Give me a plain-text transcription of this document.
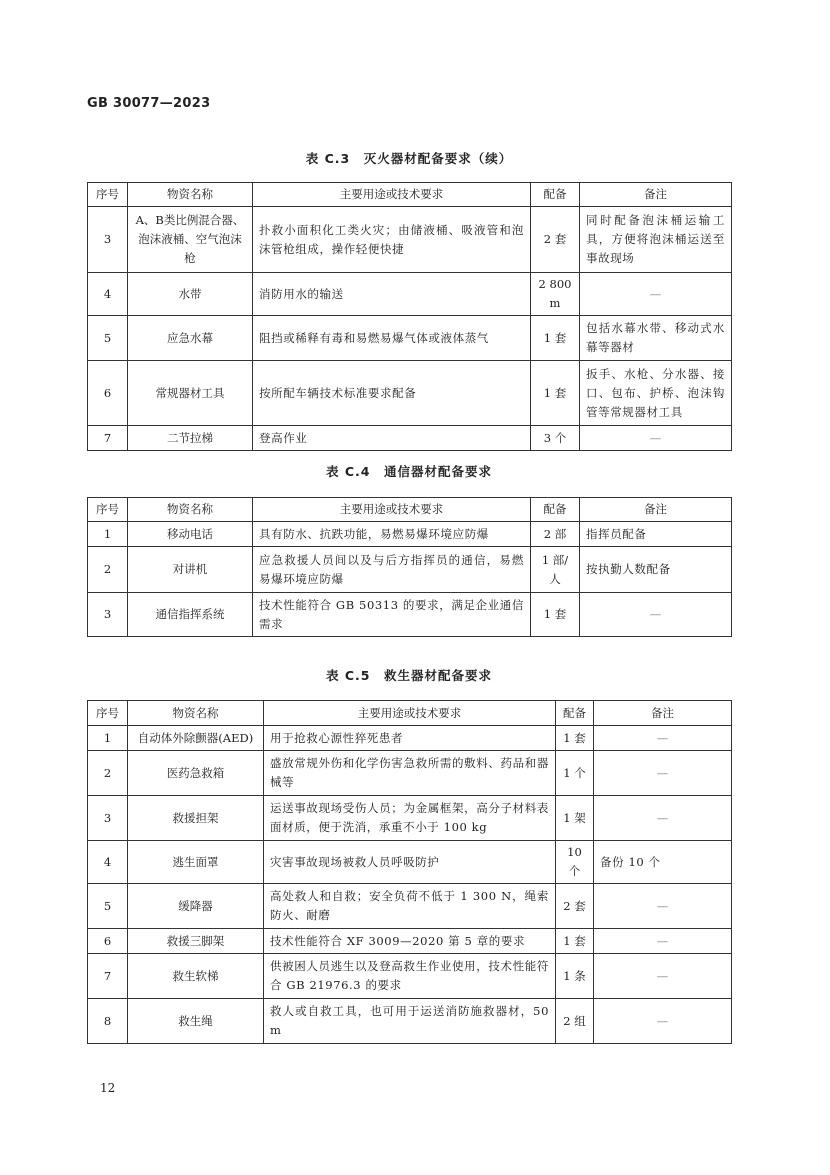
GB 30077—2023
表 C.3　灭火器材配备要求（续）
序号	物资名称	主要用途或技术要求	配备	备注
3	A、B类比例混合器、泡沫液桶、空气泡沫枪	扑救小面积化工类火灾；由储液桶、吸液管和泡沫管枪组成，操作轻便快捷	2 套	同时配备泡沫桶运输工具，方便将泡沫桶运送至事故现场
4	水带	消防用水的输送	2 800 m	—
5	应急水幕	阻挡或稀释有毒和易燃易爆气体或液体蒸气	1 套	包括水幕水带、移动式水幕等器材
6	常规器材工具	按所配车辆技术标准要求配备	1 套	扳手、水枪、分水器、接口、包布、护桥、泡沫钩管等常规器材工具
7	二节拉梯	登高作业	3 个	—
表 C.4　通信器材配备要求
序号	物资名称	主要用途或技术要求	配备	备注
1	移动电话	具有防水、抗跌功能，易燃易爆环境应防爆	2 部	指挥员配备
2	对讲机	应急救援人员间以及与后方指挥员的通信，易燃易爆环境应防爆	1 部/人	按执勤人数配备
3	通信指挥系统	技术性能符合 GB 50313 的要求，满足企业通信需求	1 套	—
表 C.5　救生器材配备要求
序号	物资名称	主要用途或技术要求	配备	备注
1	自动体外除颤器(AED)	用于抢救心源性猝死患者	1 套	—
2	医药急救箱	盛放常规外伤和化学伤害急救所需的敷料、药品和器械等	1 个	—
3	救援担架	运送事故现场受伤人员；为金属框架，高分子材料表面材质，便于洗消，承重不小于 100 kg	1 架	—
4	逃生面罩	灾害事故现场被救人员呼吸防护	10 个	备份 10 个
5	缓降器	高处救人和自救；安全负荷不低于 1 300 N，绳索防火、耐磨	2 套	—
6	救援三脚架	技术性能符合 XF 3009—2020 第 5 章的要求	1 套	—
7	救生软梯	供被困人员逃生以及登高救生作业使用，技术性能符合 GB 21976.3 的要求	1 条	—
8	救生绳	救人或自救工具，也可用于运送消防施救器材，50 m	2 组	—
12
